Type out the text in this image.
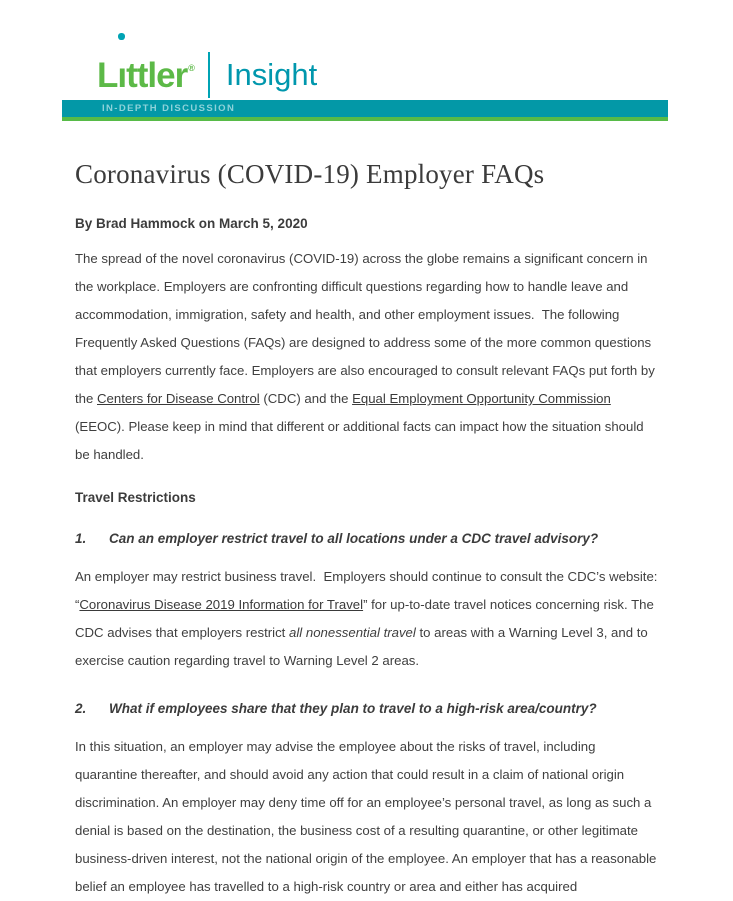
L ı ttler ® Insight
IN-DEPTH DISCUSSION
Coronavirus (COVID-19) Employer FAQs

By Brad Hammock on March 5, 2020

The spread of the novel coronavirus (COVID-19) across the globe remains a significant concern in the workplace. Employers are confronting difficult questions regarding how to handle leave and accommodation, immigration, safety and health, and other employment issues.  The following Frequently Asked Questions (FAQs) are designed to address some of the more common questions that employers currently face. Employers are also encouraged to consult relevant FAQs put forth by the Centers for Disease Control (CDC) and the Equal Employment Opportunity Commission (EEOC). Please keep in mind that different or additional facts can impact how the situation should be handled.

Travel Restrictions
1.	Can an employer restrict travel to all locations under a CDC travel advisory?

An employer may restrict business travel.  Employers should continue to consult the CDC’s website: “Coronavirus Disease 2019 Information for Travel” for up-to-date travel notices concerning risk. The CDC advises that employers restrict all nonessential travel to areas with a Warning Level 3, and to exercise caution regarding travel to Warning Level 2 areas.

2.	What if employees share that they plan to travel to a high-risk area/country?

In this situation, an employer may advise the employee about the risks of travel, including quarantine thereafter, and should avoid any action that could result in a claim of national origin discrimination. An employer may deny time off for an employee’s personal travel, as long as such a denial is based on the destination, the business cost of a resulting quarantine, or other legitimate business-driven interest, not the national origin of the employee. An employer that has a reasonable belief an employee has travelled to a high-risk country or area and either has acquired
